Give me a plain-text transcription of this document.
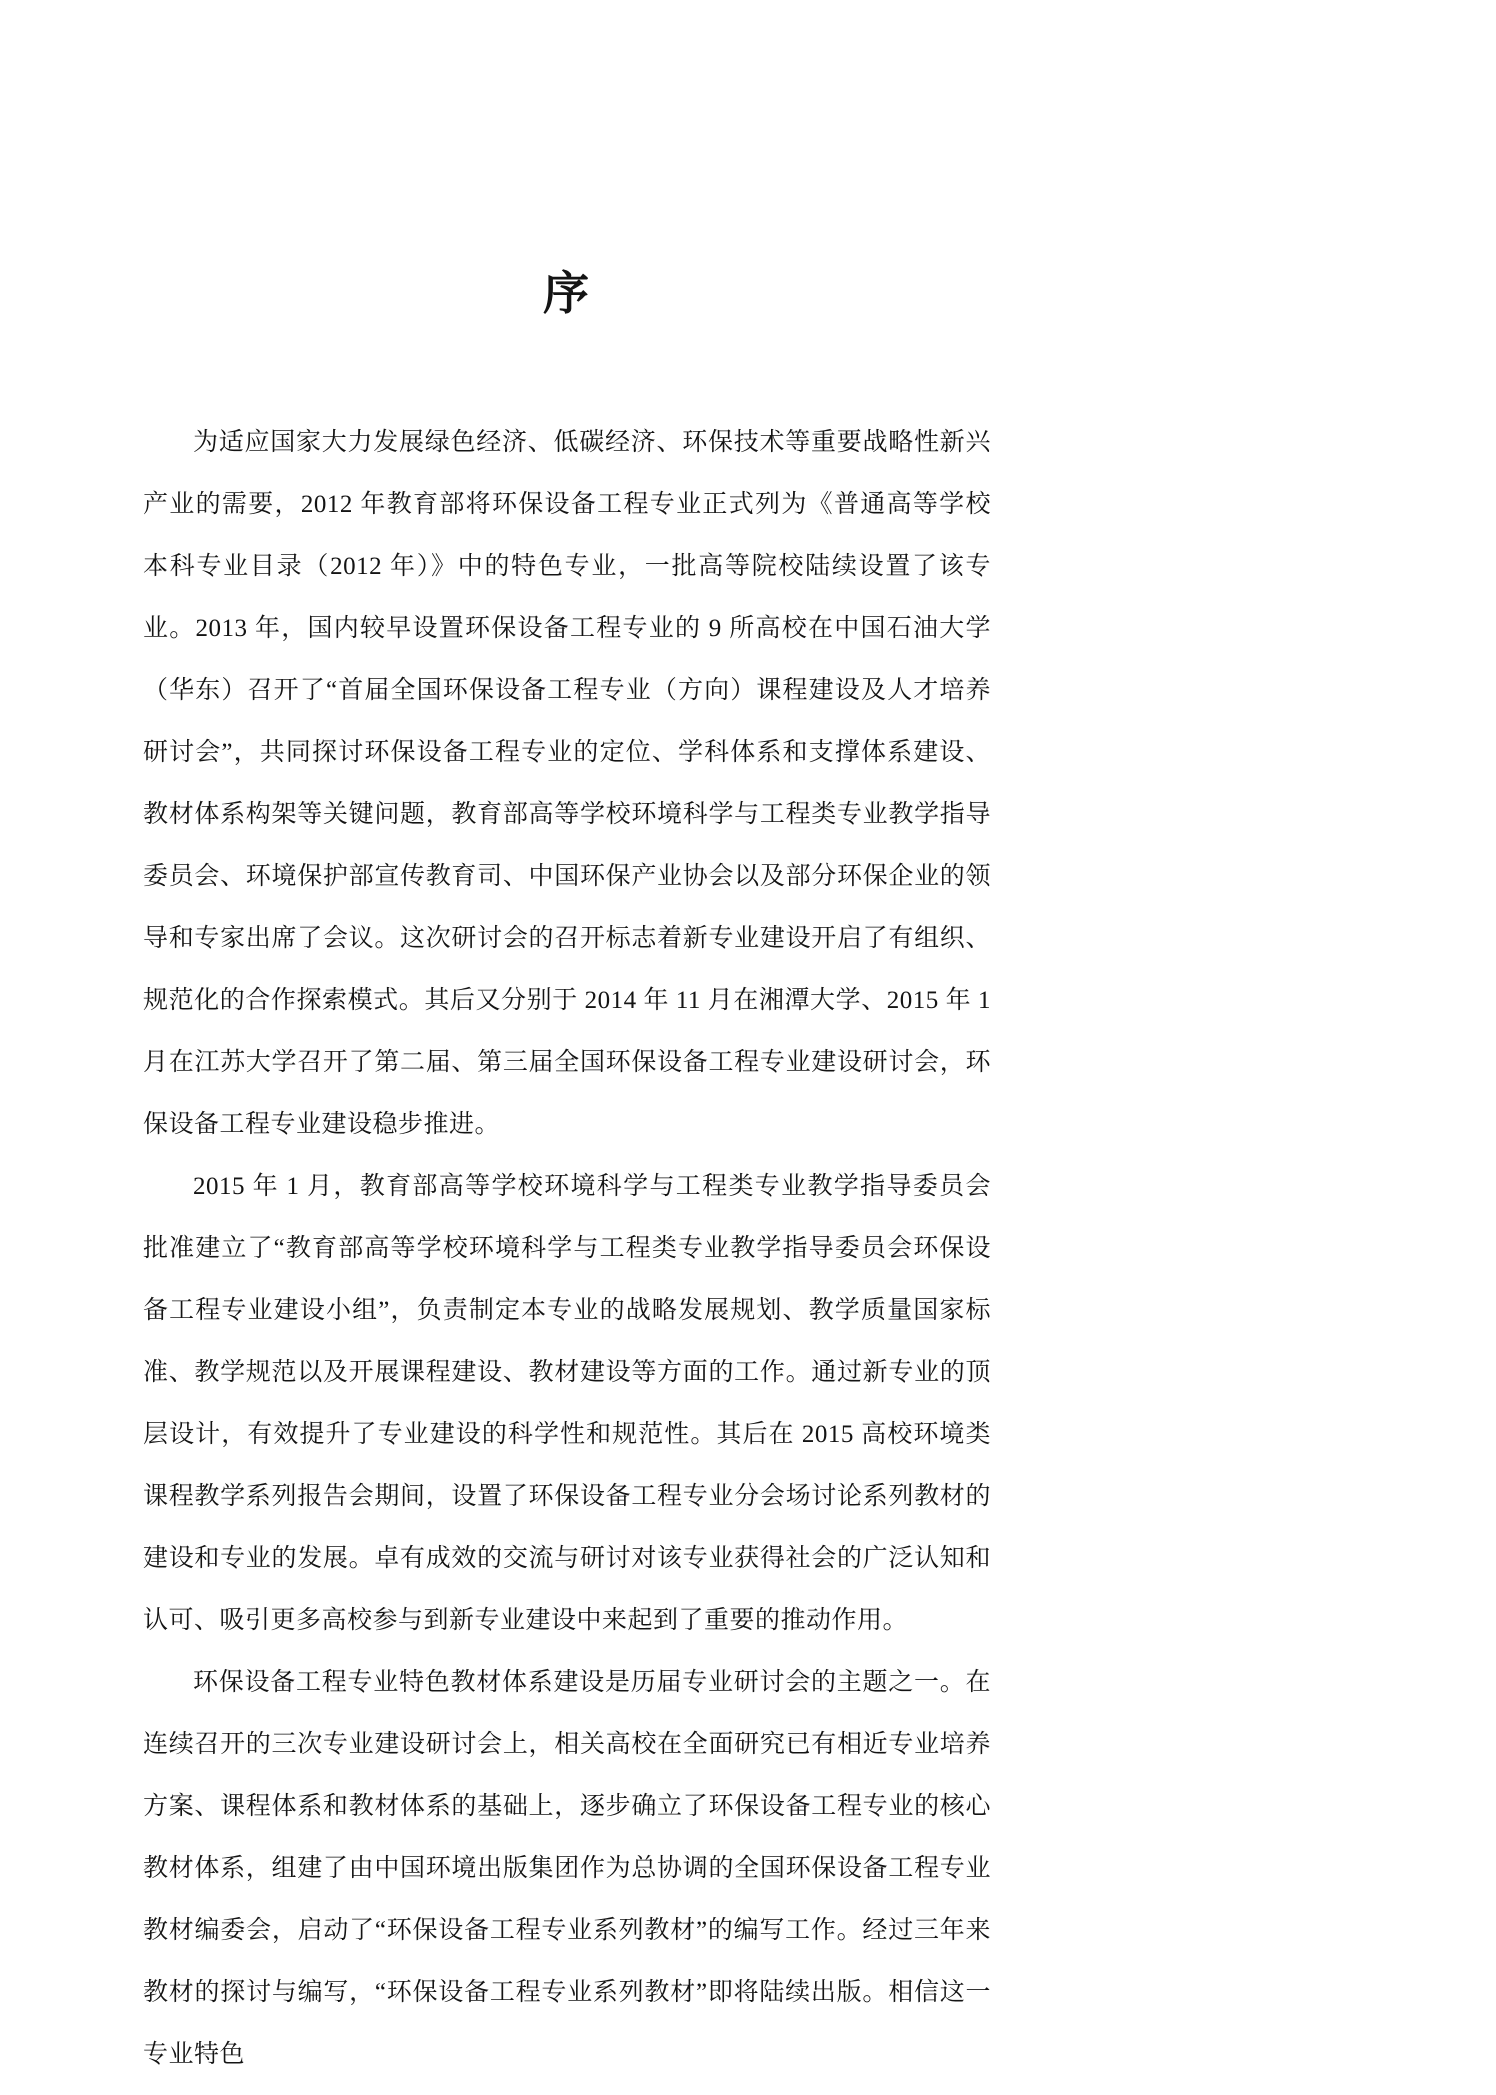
序

为适应国家大力发展绿色经济、低碳经济、环保技术等重要战略性新兴产业的需要，2012 年教育部将环保设备工程专业正式列为《普通高等学校本科专业目录（2012 年）》中的特色专业，一批高等院校陆续设置了该专业。2013 年，国内较早设置环保设备工程专业的 9 所高校在中国石油大学（华东）召开了“首届全国环保设备工程专业（方向）课程建设及人才培养研讨会”，共同探讨环保设备工程专业的定位、学科体系和支撑体系建设、教材体系构架等关键问题，教育部高等学校环境科学与工程类专业教学指导委员会、环境保护部宣传教育司、中国环保产业协会以及部分环保企业的领导和专家出席了会议。这次研讨会的召开标志着新专业建设开启了有组织、规范化的合作探索模式。其后又分别于 2014 年 11 月在湘潭大学、2015 年 1 月在江苏大学召开了第二届、第三届全国环保设备工程专业建设研讨会，环保设备工程专业建设稳步推进。

2015 年 1 月，教育部高等学校环境科学与工程类专业教学指导委员会批准建立了“教育部高等学校环境科学与工程类专业教学指导委员会环保设备工程专业建设小组”，负责制定本专业的战略发展规划、教学质量国家标准、教学规范以及开展课程建设、教材建设等方面的工作。通过新专业的顶层设计，有效提升了专业建设的科学性和规范性。其后在 2015 高校环境类课程教学系列报告会期间，设置了环保设备工程专业分会场讨论系列教材的建设和专业的发展。卓有成效的交流与研讨对该专业获得社会的广泛认知和认可、吸引更多高校参与到新专业建设中来起到了重要的推动作用。

环保设备工程专业特色教材体系建设是历届专业研讨会的主题之一。在连续召开的三次专业建设研讨会上，相关高校在全面研究已有相近专业培养方案、课程体系和教材体系的基础上，逐步确立了环保设备工程专业的核心教材体系，组建了由中国环境出版集团作为总协调的全国环保设备工程专业教材编委会，启动了“环保设备工程专业系列教材”的编写工作。经过三年来教材的探讨与编写，“环保设备工程专业系列教材”即将陆续出版。相信这一专业特色
